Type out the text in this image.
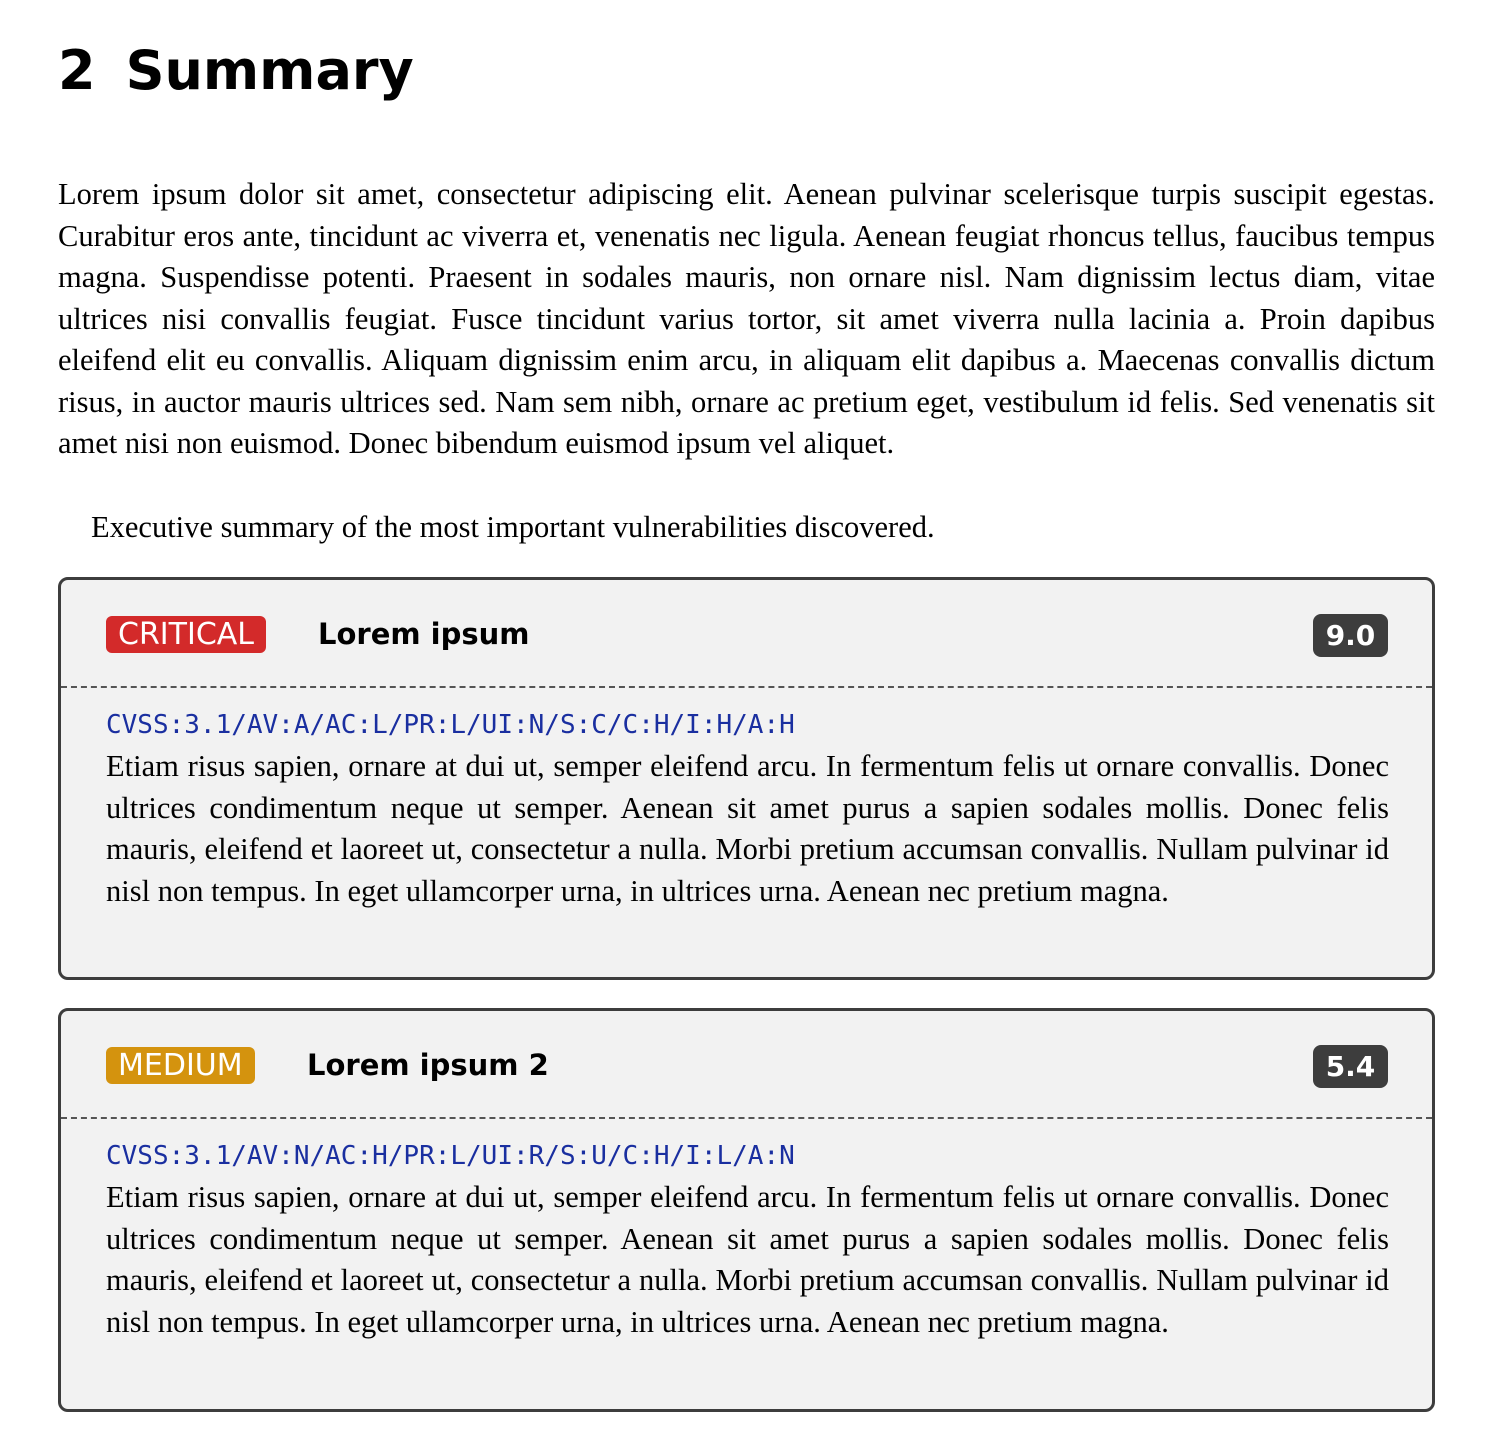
2 Summary

Lorem ipsum dolor sit amet, consectetur adipiscing elit. Aenean pulvinar scelerisque turpis suscipit egestas. Curabitur eros ante, tincidunt ac viverra et, venenatis nec ligula. Aenean feugiat rhoncus tellus, faucibus tempus magna. Suspendisse potenti. Praesent in sodales mauris, non ornare nisl. Nam dignissim lectus diam, vitae ultrices nisi convallis feugiat. Fusce tincidunt varius tortor, sit amet viverra nulla lacinia a. Proin dapibus eleifend elit eu convallis. Aliquam dignissim enim arcu, in aliquam elit dapibus a. Maecenas convallis dictum risus, in auctor mauris ultrices sed. Nam sem nibh, ornare ac pretium eget, vestibulum id felis. Sed venenatis sit amet nisi non euismod. Donec bibendum euismod ipsum vel aliquet.

Executive summary of the most important vulnerabilities discovered.

CRITICAL	Lorem ipsum	9.0
CVSS:3.1/AV:A/AC:L/PR:L/UI:N/S:C/C:H/I:H/A:H

Etiam risus sapien, ornare at dui ut, semper eleifend arcu. In fermentum felis ut ornare convallis. Donec ultrices condimentum neque ut semper. Aenean sit amet purus a sapien sodales mollis. Donec felis mauris, eleifend et laoreet ut, consectetur a nulla. Morbi pretium accumsan convallis. Nullam pulvinar id nisl non tempus. In eget ullamcorper urna, in ultrices urna. Aenean nec pretium magna.

MEDIUM	Lorem ipsum 2	5.4
CVSS:3.1/AV:N/AC:H/PR:L/UI:R/S:U/C:H/I:L/A:N

Etiam risus sapien, ornare at dui ut, semper eleifend arcu. In fermentum felis ut ornare convallis. Donec ultrices condimentum neque ut semper. Aenean sit amet purus a sapien sodales mollis. Donec felis mauris, eleifend et laoreet ut, consectetur a nulla. Morbi pretium accumsan convallis. Nullam pulvinar id nisl non tempus. In eget ullamcorper urna, in ultrices urna. Aenean nec pretium magna.
